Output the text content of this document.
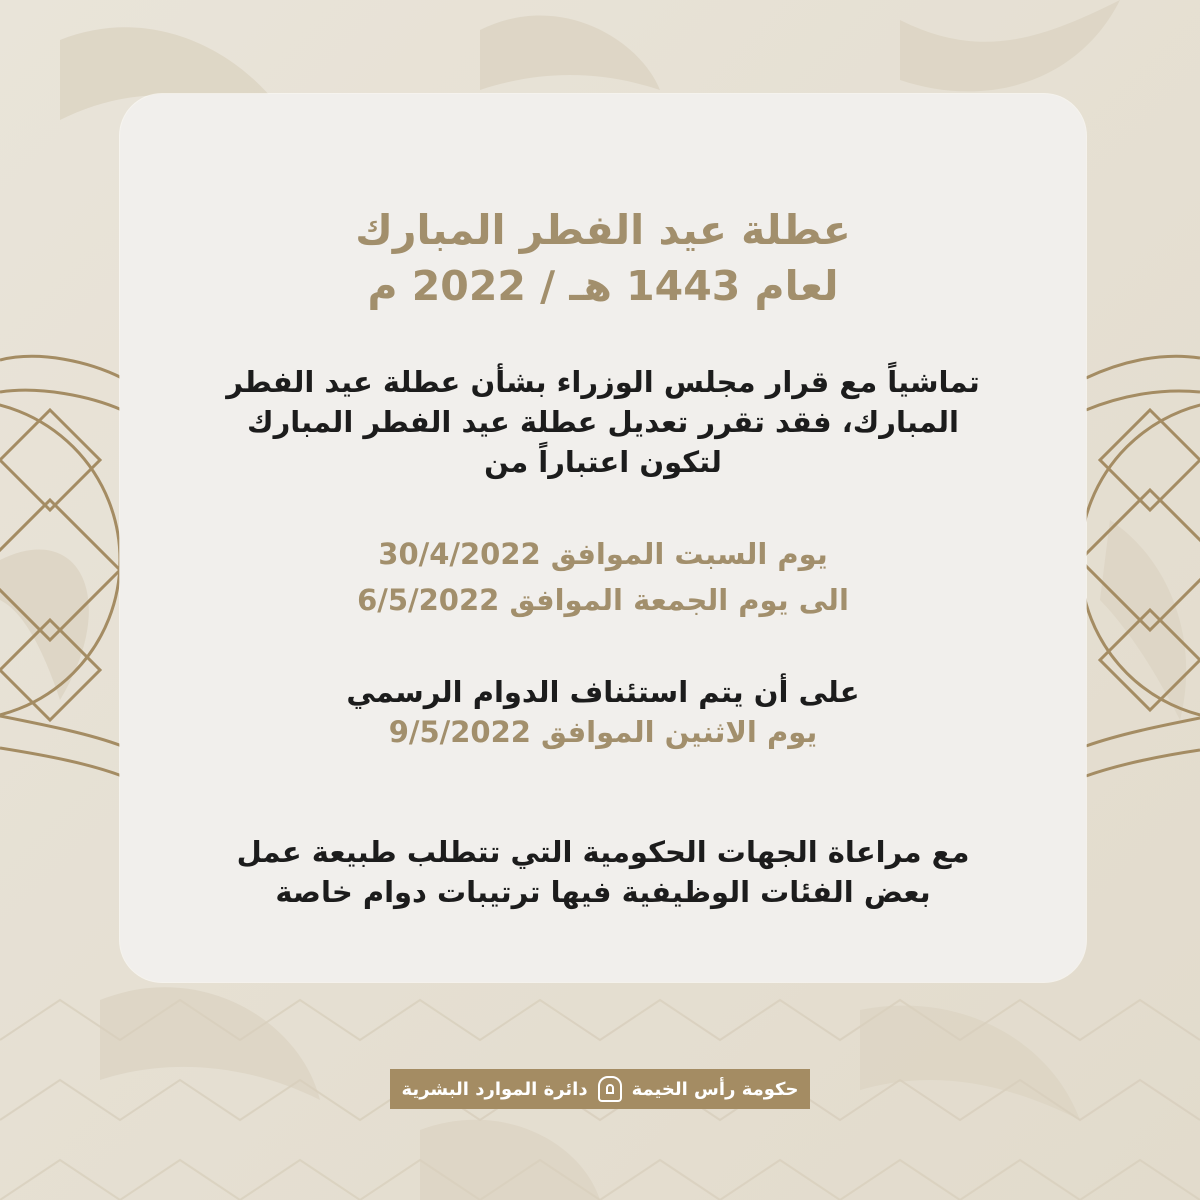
عطلة عيد الفطر المبارك
لعام 1443 هـ / 2022 م
تماشياً مع قرار مجلس الوزراء بشأن عطلة عيد الفطر
المبارك، فقد تقرر تعديل عطلة عيد الفطر المبارك
لتكون اعتباراً من
يوم السبت الموافق 30/4/2022
الى يوم الجمعة الموافق 6/5/2022
على أن يتم استئناف الدوام الرسمي
يوم الاثنين الموافق 9/5/2022
مع مراعاة الجهات الحكومية التي تتطلب طبيعة عمل
بعض الفئات الوظيفية فيها ترتيبات دوام خاصة
حكومة رأس الخيمة
دائرة الموارد البشرية
